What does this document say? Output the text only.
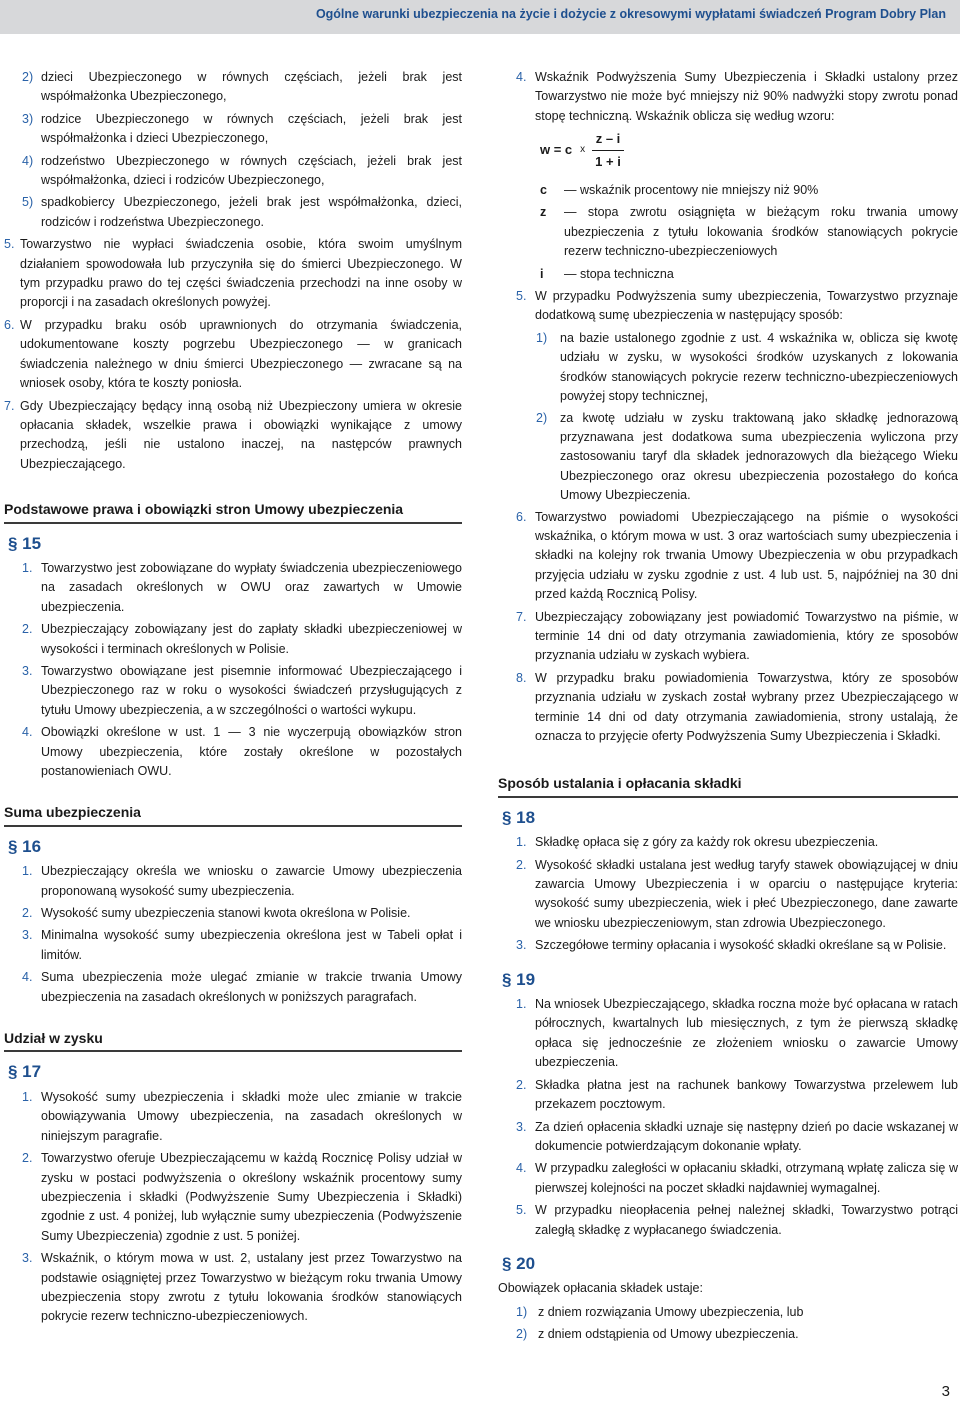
Ogólne warunki ubezpieczenia na życie i dożycie z okresowymi wypłatami świadczeń Program Dobry Plan
2) dzieci Ubezpieczonego w równych częściach, jeżeli brak jest współmałżonka Ubezpieczonego,
3) rodzice Ubezpieczonego w równych częściach, jeżeli brak jest współmałżonka i dzieci Ubezpieczonego,
4) rodzeństwo Ubezpieczonego w równych częściach, jeżeli brak jest współmałżonka, dzieci i rodziców Ubezpieczonego,
5) spadkobiercy Ubezpieczonego, jeżeli brak jest współmałżonka, dzieci, rodziców i rodzeństwa Ubezpieczonego.
5. Towarzystwo nie wypłaci świadczenia osobie, która swoim umyślnym działaniem spowodowała lub przyczyniła się do śmierci Ubezpieczonego. W tym przypadku prawo do tej części świadczenia przechodzi na inne osoby w proporcji i na zasadach określonych powyżej.
6. W przypadku braku osób uprawnionych do otrzymania świadczenia, udokumentowane koszty pogrzebu Ubezpieczonego — w granicach świadczenia należnego w dniu śmierci Ubezpieczonego — zwracane są na wniosek osoby, która te koszty poniosła.
7. Gdy Ubezpieczający będący inną osobą niż Ubezpieczony umiera w okresie opłacania składek, wszelkie prawa i obowiązki wynikające z umowy przechodzą, jeśli nie ustalono inaczej, na następców prawnych Ubezpieczającego.
Podstawowe prawa i obowiązki stron Umowy ubezpieczenia
§ 15
1. Towarzystwo jest zobowiązane do wypłaty świadczenia ubezpieczeniowego na zasadach określonych w OWU oraz zawartych w Umowie ubezpieczenia.
2. Ubezpieczający zobowiązany jest do zapłaty składki ubezpieczeniowej w wysokości i terminach określonych w Polisie.
3. Towarzystwo obowiązane jest pisemnie informować Ubezpieczającego i Ubezpieczonego raz w roku o wysokości świadczeń przysługujących z tytułu Umowy ubezpieczenia, a w szczególności o wartości wykupu.
4. Obowiązki określone w ust. 1 — 3 nie wyczerpują obowiązków stron Umowy ubezpieczenia, które zostały określone w pozostałych postanowieniach OWU.
Suma ubezpieczenia
§ 16
1. Ubezpieczający określa we wniosku o zawarcie Umowy ubezpieczenia proponowaną wysokość sumy ubezpieczenia.
2. Wysokość sumy ubezpieczenia stanowi kwota określona w Polisie.
3. Minimalna wysokość sumy ubezpieczenia określona jest w Tabeli opłat i limitów.
4. Suma ubezpieczenia może ulegać zmianie w trakcie trwania Umowy ubezpieczenia na zasadach określonych w poniższych paragrafach.
Udział w zysku
§ 17
1. Wysokość sumy ubezpieczenia i składki może ulec zmianie w trakcie obowiązywania Umowy ubezpieczenia, na zasadach określonych w niniejszym paragrafie.
2. Towarzystwo oferuje Ubezpieczającemu w każdą Rocznicę Polisy udział w zysku w postaci podwyższenia o określony wskaźnik procentowy sumy ubezpieczenia i składki (Podwyższenie Sumy Ubezpieczenia i Składki) zgodnie z ust. 4 poniżej, lub wyłącznie sumy ubezpieczenia (Podwyższenie Sumy Ubezpieczenia) zgodnie z ust. 5 poniżej.
3. Wskaźnik, o którym mowa w ust. 2, ustalany jest przez Towarzystwo na podstawie osiągniętej przez Towarzystwo w bieżącym roku trwania Umowy ubezpieczenia stopy zwrotu z tytułu lokowania środków stanowiących pokrycie rezerw techniczno-ubezpieczeniowych.
4. Wskaźnik Podwyższenia Sumy Ubezpieczenia i Składki ustalony przez Towarzystwo nie może być mniejszy niż 90% nadwyżki stopy zwrotu ponad stopę techniczną. Wskaźnik oblicza się według wzoru:
w = c x $\frac{z - i}{1 + i}$
c — wskaźnik procentowy nie mniejszy niż 90%
z — stopa zwrotu osiągnięta w bieżącym roku trwania umowy ubezpieczenia z tytułu lokowania środków stanowiących pokrycie rezerw techniczno-ubezpieczeniowych
i — stopa techniczna
5. W przypadku Podwyższenia sumy ubezpieczenia, Towarzystwo przyznaje dodatkową sumę ubezpieczenia w następujący sposób:
1) na bazie ustalonego zgodnie z ust. 4 wskaźnika w, oblicza się kwotę udziału w zysku, w wysokości środków uzyskanych z lokowania środków stanowiących pokrycie rezerw techniczno-ubezpieczeniowych powyżej stopy technicznej,
2) za kwotę udziału w zysku traktowaną jako składkę jednorazową przyznawana jest dodatkowa suma ubezpieczenia wyliczona przy zastosowaniu taryf dla składek jednorazowych dla bieżącego Wieku Ubezpieczonego oraz okresu ubezpieczenia pozostałego do końca Umowy Ubezpieczenia.
6. Towarzystwo powiadomi Ubezpieczającego na piśmie o wysokości wskaźnika, o którym mowa w ust. 3 oraz wartościach sumy ubezpieczenia i składki na kolejny rok trwania Umowy Ubezpieczenia w obu przypadkach przyjęcia udziału w zysku zgodnie z ust. 4 lub ust. 5, najpóźniej na 30 dni przed każdą Rocznicą Polisy.
7. Ubezpieczający zobowiązany jest powiadomić Towarzystwo na piśmie, w terminie 14 dni od daty otrzymania zawiadomienia, który ze sposobów przyznania udziału w zyskach wybiera.
8. W przypadku braku powiadomienia Towarzystwa, który ze sposobów przyznania udziału w zyskach został wybrany przez Ubezpieczającego w terminie 14 dni od daty otrzymania zawiadomienia, strony ustalają, że oznacza to przyjęcie oferty Podwyższenia Sumy Ubezpieczenia i Składki.
Sposób ustalania i opłacania składki
§ 18
1. Składkę opłaca się z góry za każdy rok okresu ubezpieczenia.
2. Wysokość składki ustalana jest według taryfy stawek obowiązującej w dniu zawarcia Umowy Ubezpieczenia i w oparciu o następujące kryteria: wysokość sumy ubezpieczenia, wiek i płeć Ubezpieczonego, dane zawarte we wniosku ubezpieczeniowym, stan zdrowia Ubezpieczonego.
3. Szczegółowe terminy opłacania i wysokość składki określane są w Polisie.
§ 19
1. Na wniosek Ubezpieczającego, składka roczna może być opłacana w ratach półrocznych, kwartalnych lub miesięcznych, z tym że pierwszą składkę opłaca się jednocześnie ze złożeniem wniosku o zawarcie Umowy ubezpieczenia.
2. Składka płatna jest na rachunek bankowy Towarzystwa przelewem lub przekazem pocztowym.
3. Za dzień opłacenia składki uznaje się następny dzień po dacie wskazanej w dokumencie potwierdzającym dokonanie wpłaty.
4. W przypadku zaległości w opłacaniu składki, otrzymaną wpłatę zalicza się w pierwszej kolejności na poczet składki najdawniej wymagalnej.
5. W przypadku nieopłacenia pełnej należnej składki, Towarzystwo potrąci zaległą składkę z wypłacanego świadczenia.
§ 20
Obowiązek opłacania składek ustaje:
1) z dniem rozwiązania Umowy ubezpieczenia, lub
2) z dniem odstąpienia od Umowy ubezpieczenia.
3
